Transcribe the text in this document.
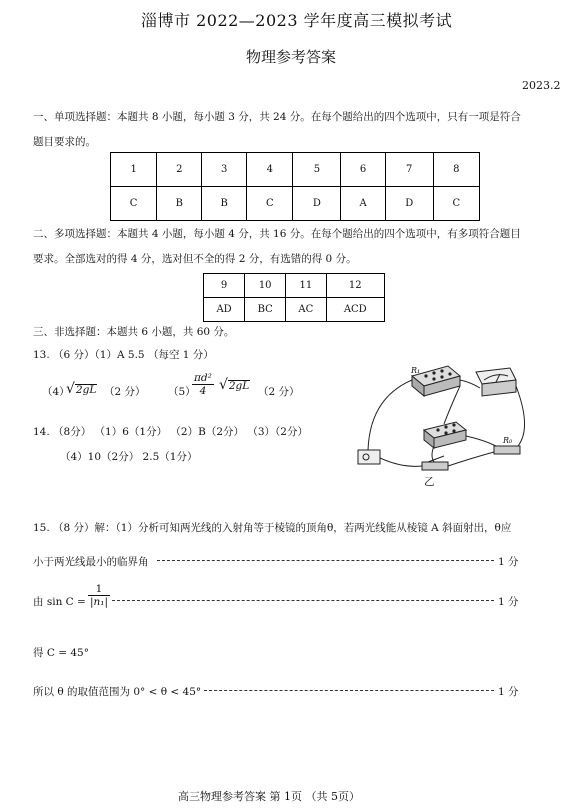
淄博市 2022—2023 学年度高三模拟考试
物理参考答案
2023.2
一、单项选择题：本题共 8 小题，每小题 3 分，共 24 分。在每个题给出的四个选项中，只有一项是符合
题目要求的。
1	2	3	4	5	6	7	8
C	B	B	C	D	A	D	C
二、多项选择题：本题共 4 小题，每小题 4 分，共 16 分。在每个题给出的四个选项中，有多项符合题目
要求。全部选对的得 4 分，选对但不全的得 2 分，有选错的得 0 分。
9	10	11	12
AD	BC	AC	ACD
三、非选择题：本题共 6 小题，共 60 分。
13. （6 分）（1）A 5.5 （每空 1 分）
（4）
√2gL （2 分） （5）
$\frac{\text{πd²}}{4} √2gL$ （2 分）
14. （8分） （1）6（1分） （2）B（2分） （3）（2分）
（4）10（2分） 2.5（1分）
R₁
R₀
乙
15. （8 分）解：（1）分析可知两光线的入射角等于棱镜的顶角θ，若两光线能从棱镜 A 斜面射出，θ应
小于两光线最小的临界角	1 分
由 $\sin C = \frac{1}{\text{|n₁|}}$	1 分
得 C = 45°
所以 θ 的取值范围为 0° < θ < 45°	1 分
高三物理参考答案 第 1页 （共 5页）
